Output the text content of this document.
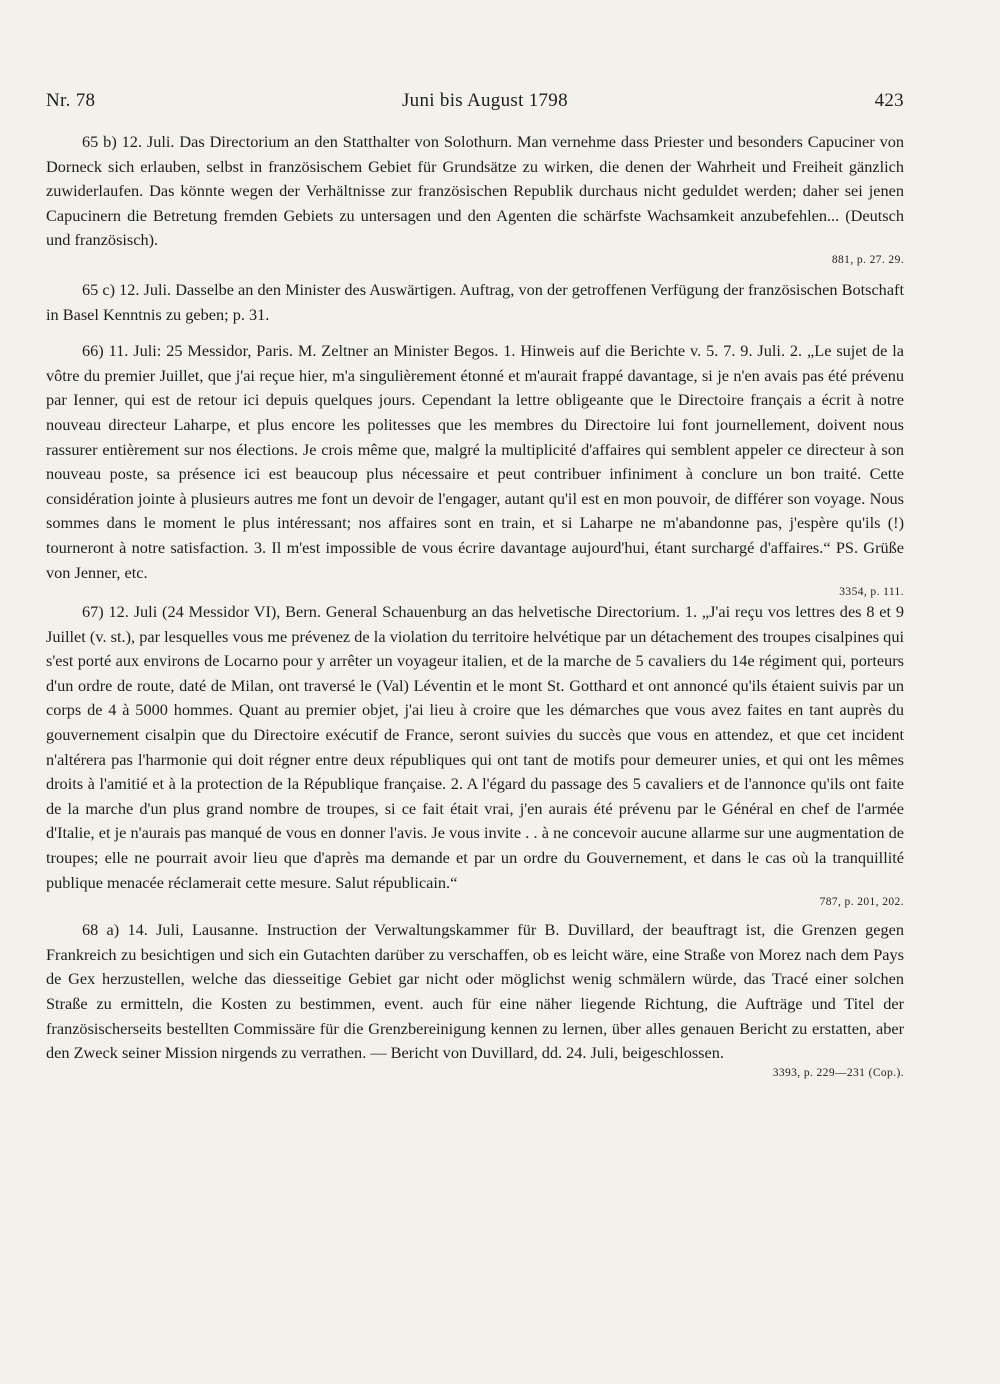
Nr. 78	Juni bis August 1798	423

65 b) 12. Juli. Das Directorium an den Statthalter von Solothurn. Man vernehme dass Priester und besonders Capuciner von Dorneck sich erlauben, selbst in französischem Gebiet für Grundsätze zu wirken, die denen der Wahrheit und Freiheit gänzlich zuwiderlaufen. Das könnte wegen der Verhältnisse zur französischen Republik durchaus nicht geduldet werden; daher sei jenen Capucinern die Betretung fremden Gebiets zu untersagen und den Agenten die schärfste Wachsamkeit anzubefehlen... (Deutsch und französisch).

881, p. 27. 29.

65 c) 12. Juli. Dasselbe an den Minister des Auswärtigen. Auftrag, von der getroffenen Verfügung der französischen Botschaft in Basel Kenntnis zu geben; p. 31.

66) 11. Juli: 25 Messidor, Paris. M. Zeltner an Minister Begos. 1. Hinweis auf die Berichte v. 5. 7. 9. Juli. 2. „Le sujet de la vôtre du premier Juillet, que j'ai reçue hier, m'a singulièrement étonné et m'aurait frappé davantage, si je n'en avais pas été prévenu par Ienner, qui est de retour ici depuis quelques jours. Cependant la lettre obligeante que le Directoire français a écrit à notre nouveau directeur Laharpe, et plus encore les politesses que les membres du Directoire lui font journellement, doivent nous rassurer entièrement sur nos élections. Je crois même que, malgré la multiplicité d'affaires qui semblent appeler ce directeur à son nouveau poste, sa présence ici est beaucoup plus nécessaire et peut contribuer infiniment à conclure un bon traité. Cette considération jointe à plusieurs autres me font un devoir de l'engager, autant qu'il est en mon pouvoir, de différer son voyage. Nous sommes dans le moment le plus intéressant; nos affaires sont en train, et si Laharpe ne m'abandonne pas, j'espère qu'ils (!) tourneront à notre satisfaction. 3. Il m'est impossible de vous écrire davantage aujourd'hui, étant surchargé d'affaires.“ PS. Grüße von Jenner, etc.

3354, p. 111.

67) 12. Juli (24 Messidor VI), Bern. General Schauenburg an das helvetische Directorium. 1. „J'ai reçu vos lettres des 8 et 9 Juillet (v. st.), par lesquelles vous me prévenez de la violation du territoire helvétique par un détachement des troupes cisalpines qui s'est porté aux environs de Locarno pour y arrêter un voyageur italien, et de la marche de 5 cavaliers du 14e régiment qui, porteurs d'un ordre de route, daté de Milan, ont traversé le (Val) Léventin et le mont St. Gotthard et ont annoncé qu'ils étaient suivis par un corps de 4 à 5000 hommes. Quant au premier objet, j'ai lieu à croire que les démarches que vous avez faites en tant auprès du gouvernement cisalpin que du Directoire exécutif de France, seront suivies du succès que vous en attendez, et que cet incident n'altérera pas l'harmonie qui doit régner entre deux républiques qui ont tant de motifs pour demeurer unies, et qui ont les mêmes droits à l'amitié et à la protection de la République française. 2. A l'égard du passage des 5 cavaliers et de l'annonce qu'ils ont faite de la marche d'un plus grand nombre de troupes, si ce fait était vrai, j'en aurais été prévenu par le Général en chef de l'armée d'Italie, et je n'aurais pas manqué de vous en donner l'avis. Je vous invite . . à ne concevoir aucune allarme sur une augmentation de troupes; elle ne pourrait avoir lieu que d'après ma demande et par un ordre du Gouvernement, et dans le cas où la tranquillité publique menacée réclamerait cette mesure. Salut républicain.“

787, p. 201, 202.

68 a) 14. Juli, Lausanne. Instruction der Verwaltungskammer für B. Duvillard, der beauftragt ist, die Grenzen gegen Frankreich zu besichtigen und sich ein Gutachten darüber zu verschaffen, ob es leicht wäre, eine Straße von Morez nach dem Pays de Gex herzustellen, welche das diesseitige Gebiet gar nicht oder möglichst wenig schmälern würde, das Tracé einer solchen Straße zu ermitteln, die Kosten zu bestimmen, event. auch für eine näher liegende Richtung, die Aufträge und Titel der französischerseits bestellten Commissäre für die Grenzbereinigung kennen zu lernen, über alles genauen Bericht zu erstatten, aber den Zweck seiner Mission nirgends zu verrathen. — Bericht von Duvillard, dd. 24. Juli, beigeschlossen.

3393, p. 229—231 (Cop.).
